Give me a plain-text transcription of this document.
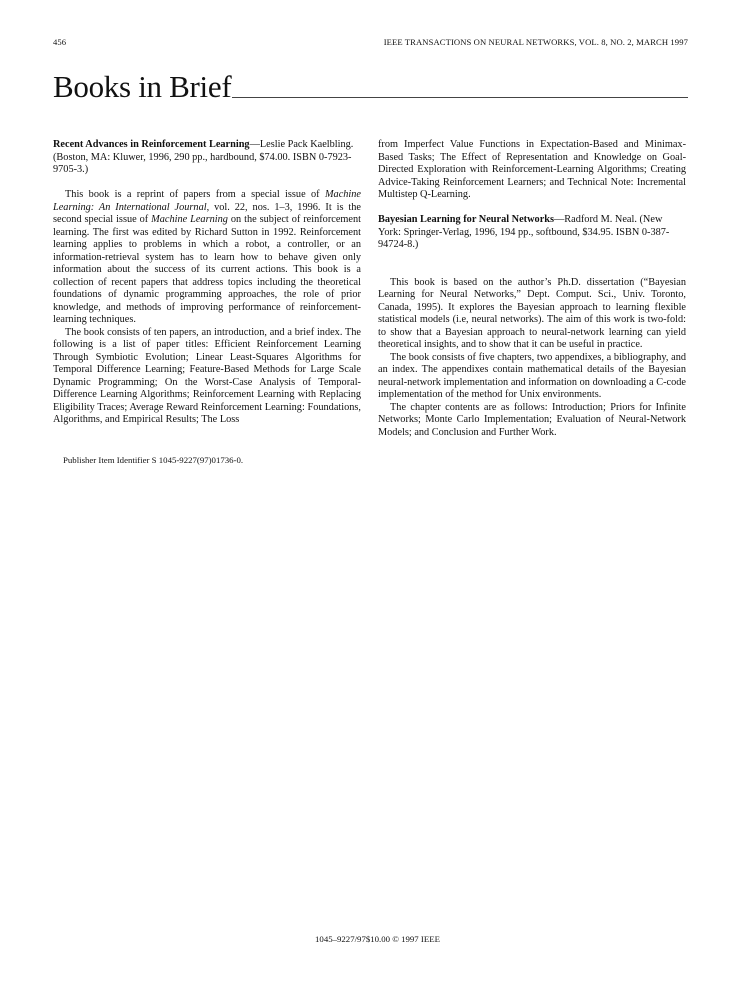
456	IEEE TRANSACTIONS ON NEURAL NETWORKS, VOL. 8, NO. 2, MARCH 1997
Books in Brief

Recent Advances in Reinforcement Learning—Leslie Pack Kaelbling. (Boston, MA: Kluwer, 1996, 290 pp., hardbound, $74.00. ISBN 0-7923-9705-3.)

This book is a reprint of papers from a special issue of Machine Learning: An International Journal, vol. 22, nos. 1–3, 1996. It is the second special issue of Machine Learning on the subject of reinforcement learning. The first was edited by Richard Sutton in 1992. Reinforcement learning applies to problems in which a robot, a controller, or an information-retrieval system has to learn how to behave given only information about the success of its current actions. This book is a collection of recent papers that address topics including the theoretical foundations of dynamic programming approaches, the role of prior knowledge, and methods of improving performance of reinforcement-learning techniques.

The book consists of ten papers, an introduction, and a brief index. The following is a list of paper titles: Efficient Reinforcement Learning Through Symbiotic Evolution; Linear Least-Squares Algorithms for Temporal Difference Learning; Feature-Based Methods for Large Scale Dynamic Programming; On the Worst-Case Analysis of Temporal-Difference Learning Algorithms; Reinforcement Learning with Replacing Eligibility Traces; Average Reward Reinforcement Learning: Foundations, Algorithms, and Empirical Results; The Loss

Publisher Item Identifier S 1045-9227(97)01736-0.

from Imperfect Value Functions in Expectation-Based and Minimax-Based Tasks; The Effect of Representation and Knowledge on Goal-Directed Exploration with Reinforcement-Learning Algorithms; Creating Advice-Taking Reinforcement Learners; and Technical Note: Incremental Multistep Q-Learning.

Bayesian Learning for Neural Networks—Radford M. Neal. (New York: Springer-Verlag, 1996, 194 pp., softbound, $34.95. ISBN 0-387-94724-8.)

This book is based on the author’s Ph.D. dissertation (“Bayesian Learning for Neural Networks,” Dept. Comput. Sci., Univ. Toronto, Canada, 1995). It explores the Bayesian approach to learning flexible statistical models (i.e, neural networks). The aim of this work is two-fold: to show that a Bayesian approach to neural-network learning can yield theoretical insights, and to show that it can be useful in practice.

The book consists of five chapters, two appendixes, a bibliography, and an index. The appendixes contain mathematical details of the Bayesian neural-network implementation and information on downloading a C-code implementation of the method for Unix environments.

The chapter contents are as follows: Introduction; Priors for Infinite Networks; Monte Carlo Implementation; Evaluation of Neural-Network Models; and Conclusion and Further Work.

1045–9227/97$10.00 © 1997 IEEE
